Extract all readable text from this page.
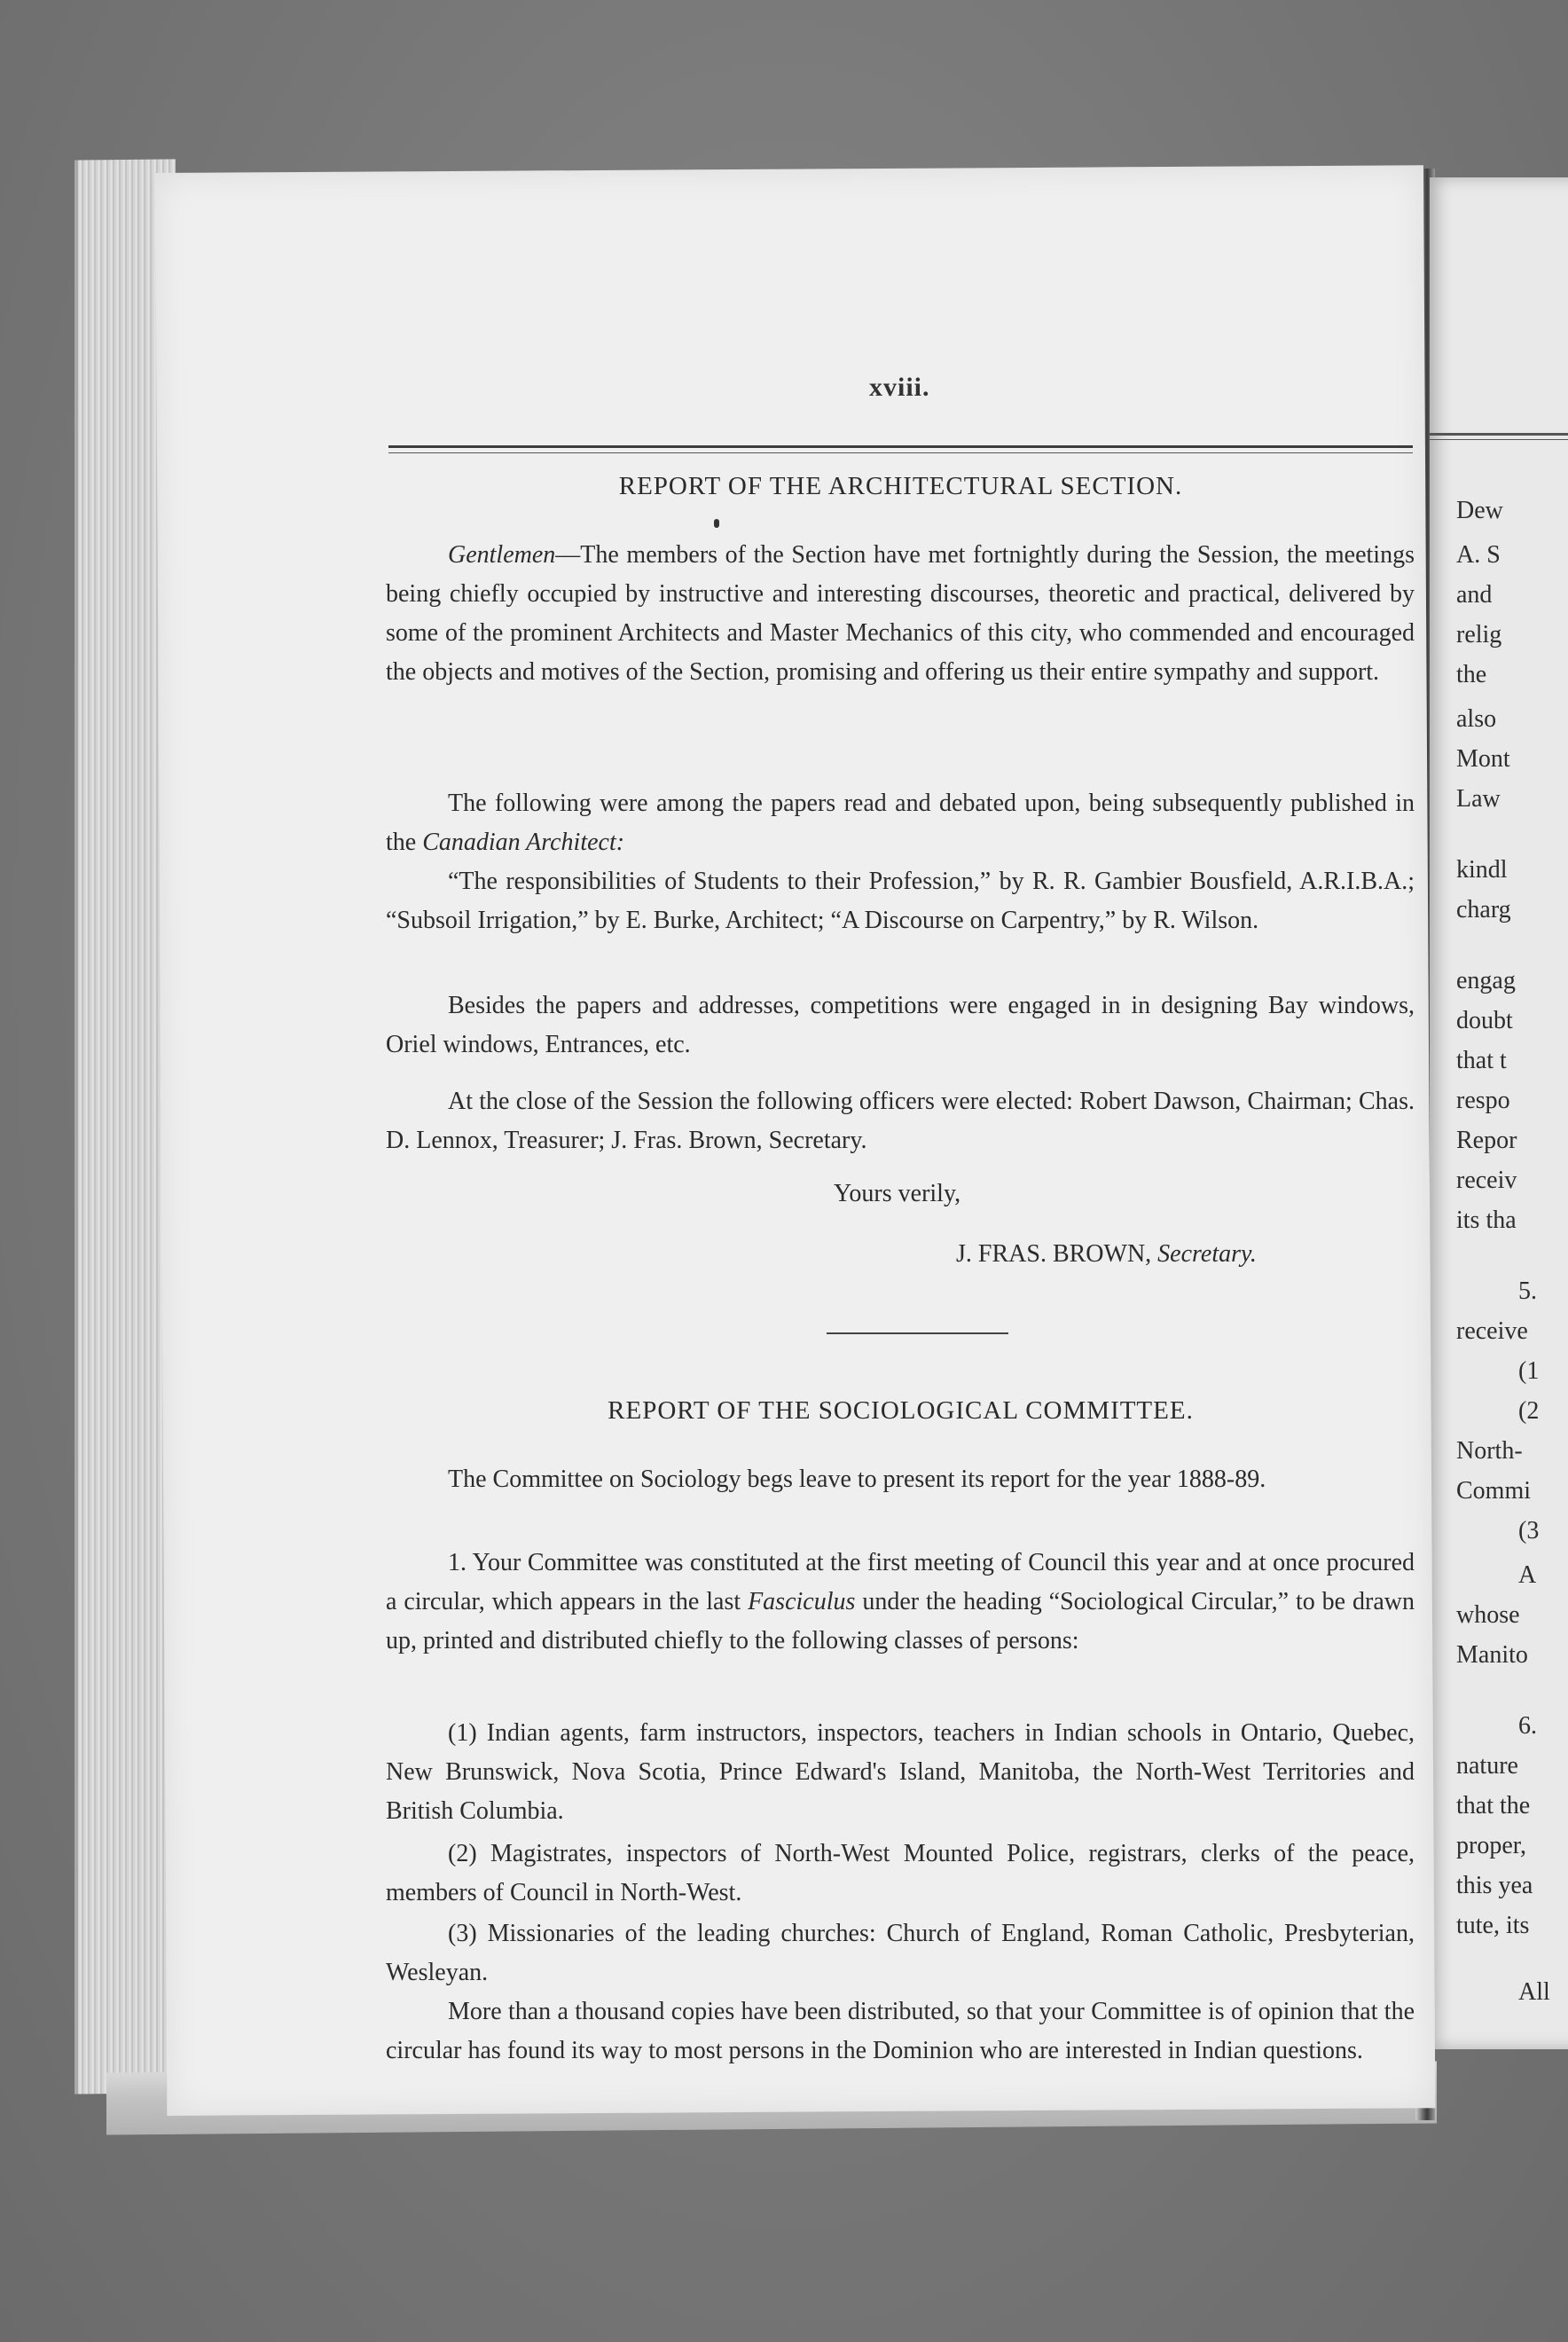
Dew
A. S
and
relig
the
also
Mont
Law
kindl
charg
engag
doubt
that t
respo
Repor
receiv
its tha
5.
receive
(1
(2
North-
Commi
(3
A
whose
Manito
6.
nature
that the
proper,
this yea
tute, its
All
xviii.
REPORT OF THE ARCHITECTURAL SECTION.
Gentlemen—The members of the Section have met fortnightly during the Session, the meetings being chiefly occupied by instructive and interesting discourses, theoretic and practical, delivered by some of the prominent Architects and Master Mechanics of this city, who commended and encouraged the objects and motives of the Section, promising and offering us their entire sympathy and support.
The following were among the papers read and debated upon, being subsequently published in the Canadian Architect:
“The responsibilities of Students to their Profession,” by R. R. Gambier Bousfield, A.R.I.B.A.; “Subsoil Irrigation,” by E. Burke, Architect; “A Discourse on Carpentry,” by R. Wilson.
Besides the papers and addresses, competitions were engaged in in designing Bay windows, Oriel windows, Entrances, etc.
At the close of the Session the following officers were elected: Robert Dawson, Chairman; Chas. D. Lennox, Treasurer; J. Fras. Brown, Secretary.
Yours verily,
J. FRAS. BROWN, Secretary.
REPORT OF THE SOCIOLOGICAL COMMITTEE.
The Committee on Sociology begs leave to present its report for the year 1888-89.
1. Your Committee was constituted at the first meeting of Council this year and at once procured a circular, which appears in the last Fasciculus under the heading “Sociological Circular,” to be drawn up, printed and distributed chiefly to the following classes of persons:
(1) Indian agents, farm instructors, inspectors, teachers in Indian schools in Ontario, Quebec, New Brunswick, Nova Scotia, Prince Edward's Island, Manitoba, the North-West Territories and British Columbia.
(2) Magistrates, inspectors of North-West Mounted Police, registrars, clerks of the peace, members of Council in North-West.
(3) Missionaries of the leading churches: Church of England, Roman Catholic, Presbyterian, Wesleyan.
More than a thousand copies have been distributed, so that your Committee is of opinion that the circular has found its way to most persons in the Dominion who are interested in Indian questions.
